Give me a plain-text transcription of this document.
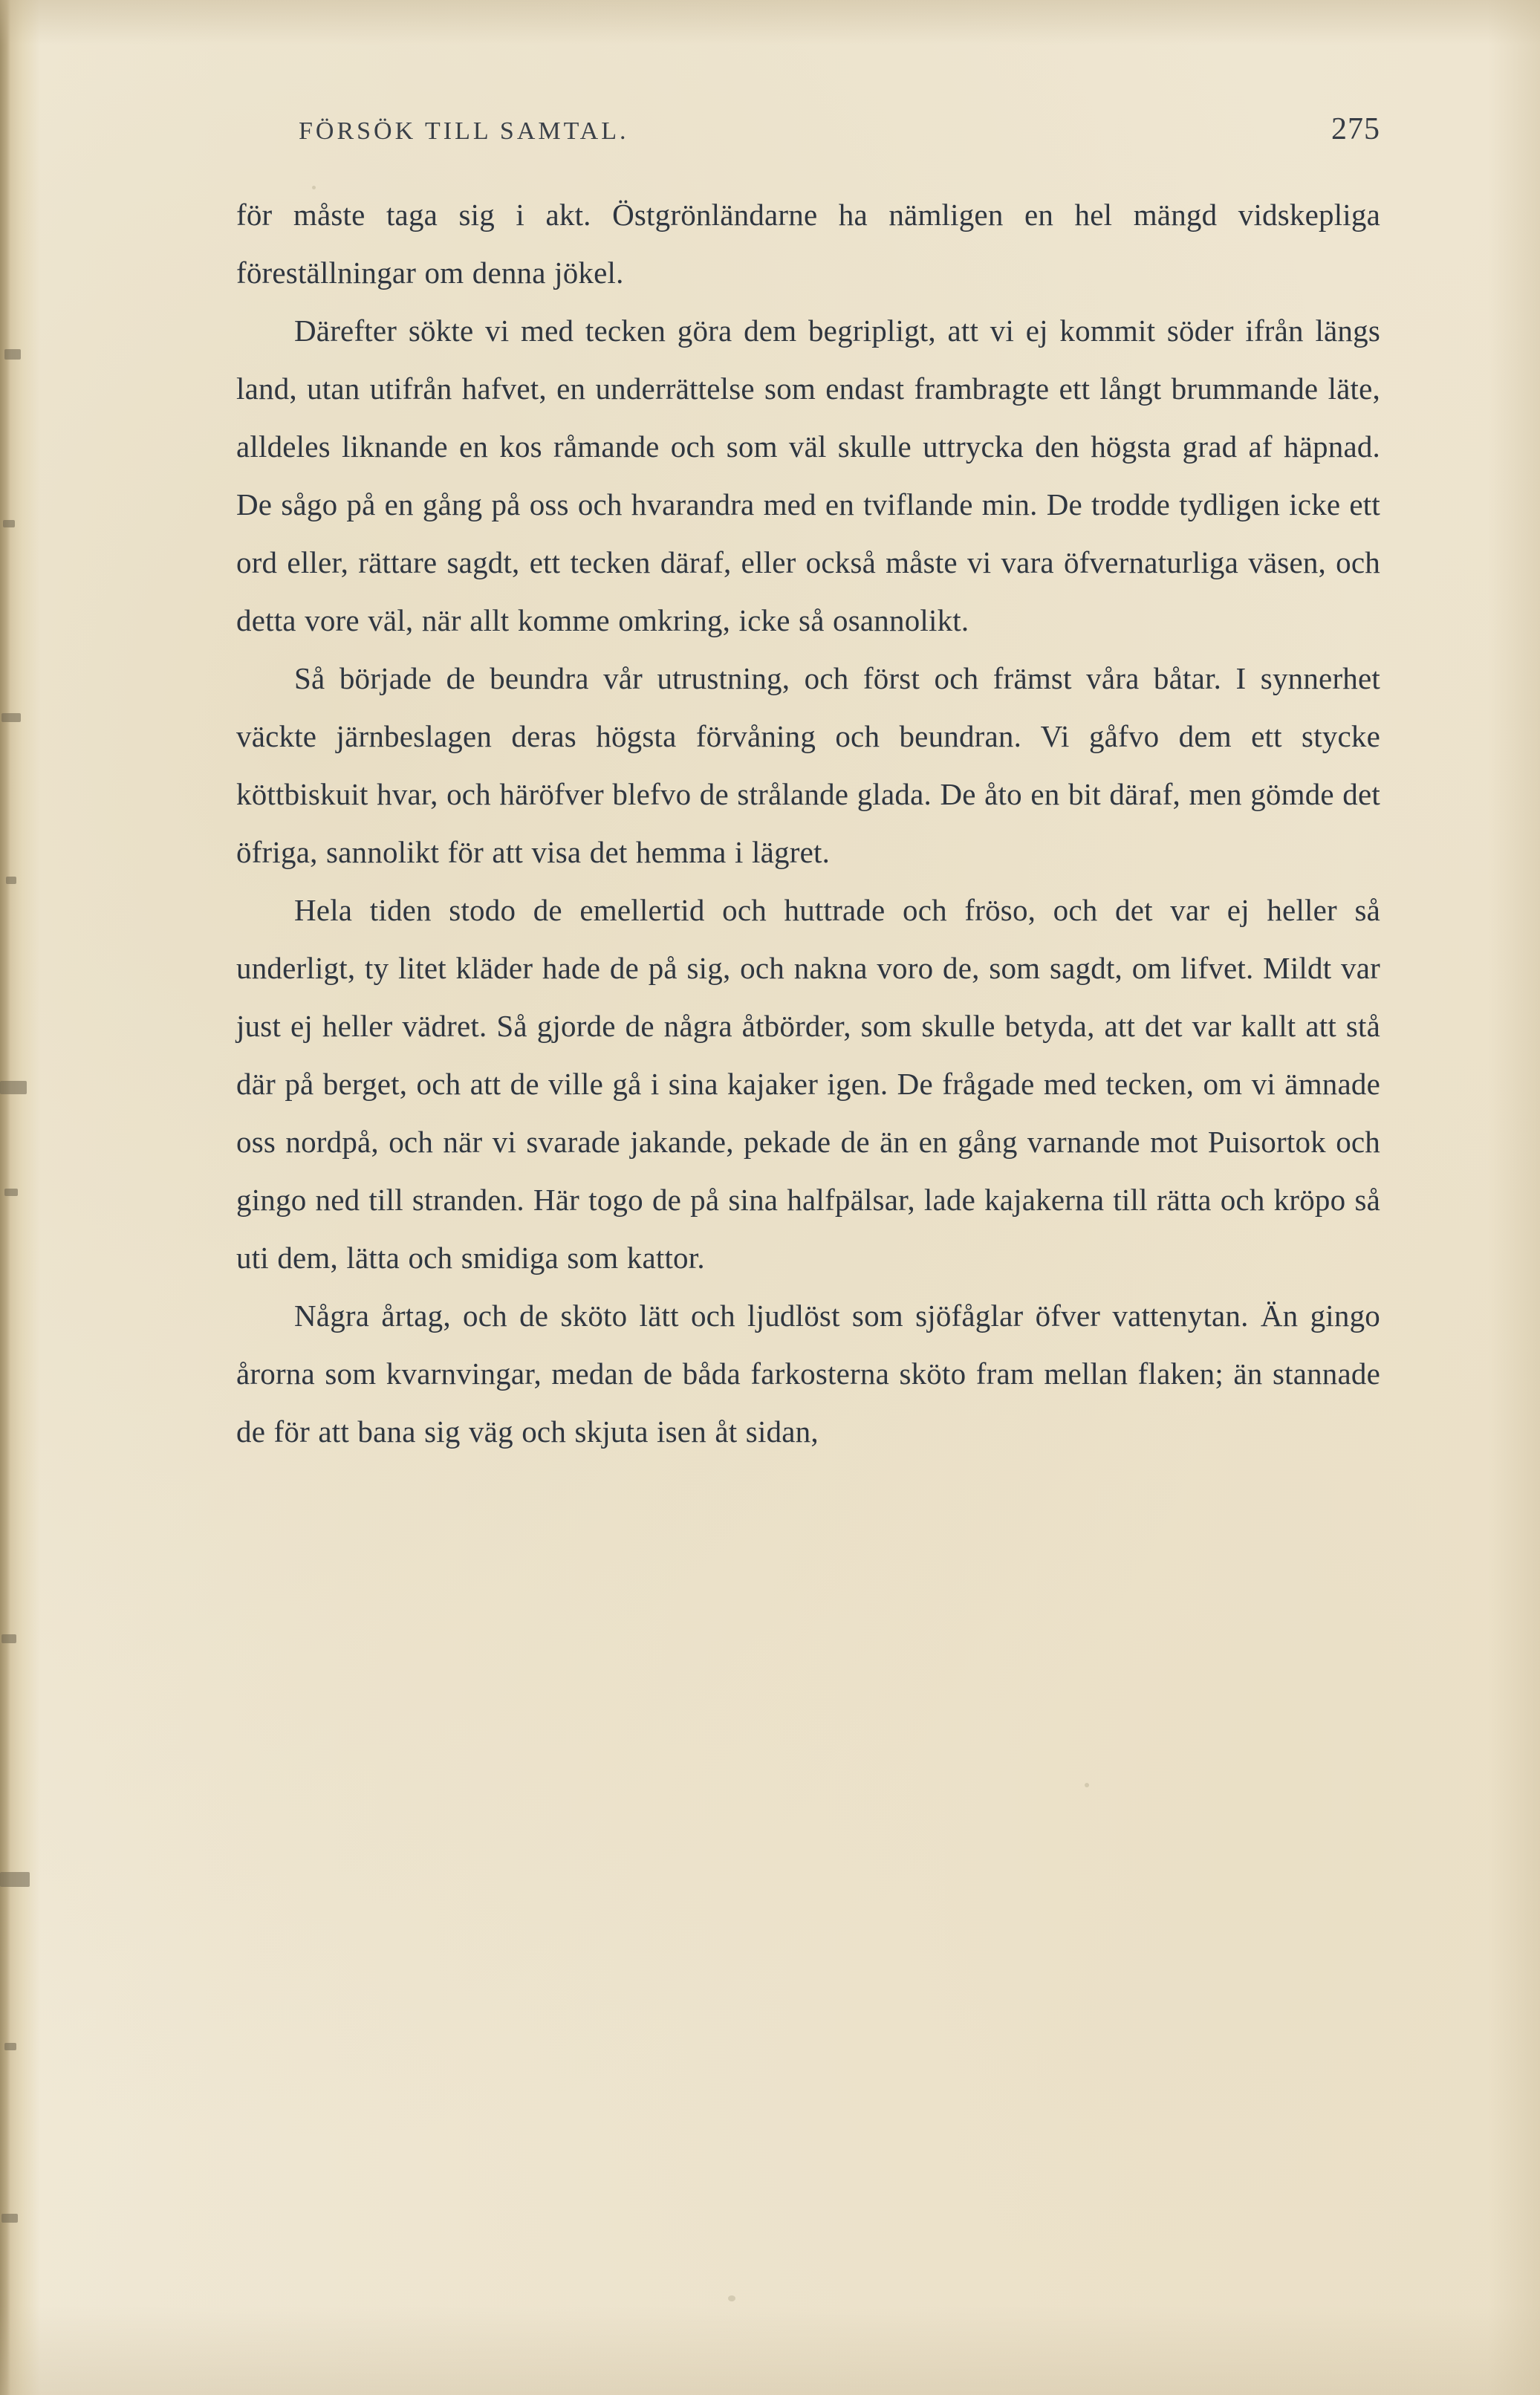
FÖRSÖK TILL SAMTAL.	275

för måste taga sig i akt. Östgrönländarne ha nämligen en hel mängd vidskepliga föreställningar om denna jökel.

Därefter sökte vi med tecken göra dem begripligt, att vi ej kommit söder ifrån längs land, utan utifrån hafvet, en underrättelse som endast frambragte ett långt brummande läte, alldeles liknande en kos råmande och som väl skulle uttrycka den högsta grad af häpnad. De sågo på en gång på oss och hvarandra med en tviflande min. De trodde tydligen icke ett ord eller, rättare sagdt, ett tecken däraf, eller också måste vi vara öfvernaturliga väsen, och detta vore väl, när allt komme omkring, icke så osannolikt.

Så började de beundra vår utrustning, och först och främst våra båtar. I synnerhet väckte järnbeslagen deras högsta förvåning och beundran. Vi gåfvo dem ett stycke köttbiskuit hvar, och häröfver blefvo de strålande glada. De åto en bit däraf, men gömde det öfriga, sannolikt för att visa det hemma i lägret.

Hela tiden stodo de emellertid och huttrade och fröso, och det var ej heller så underligt, ty litet kläder hade de på sig, och nakna voro de, som sagdt, om lifvet. Mildt var just ej heller vädret. Så gjorde de några åtbörder, som skulle betyda, att det var kallt att stå där på berget, och att de ville gå i sina kajaker igen. De frågade med tecken, om vi ämnade oss nordpå, och när vi svarade jakande, pekade de än en gång varnande mot Puisortok och gingo ned till stranden. Här togo de på sina halfpälsar, lade kajakerna till rätta och kröpo så uti dem, lätta och smidiga som kattor.

Några årtag, och de sköto lätt och ljudlöst som sjöfåglar öfver vattenytan. Än gingo årorna som kvarnvingar, medan de båda farkosterna sköto fram mellan flaken; än stannade de för att bana sig väg och skjuta isen åt sidan,
